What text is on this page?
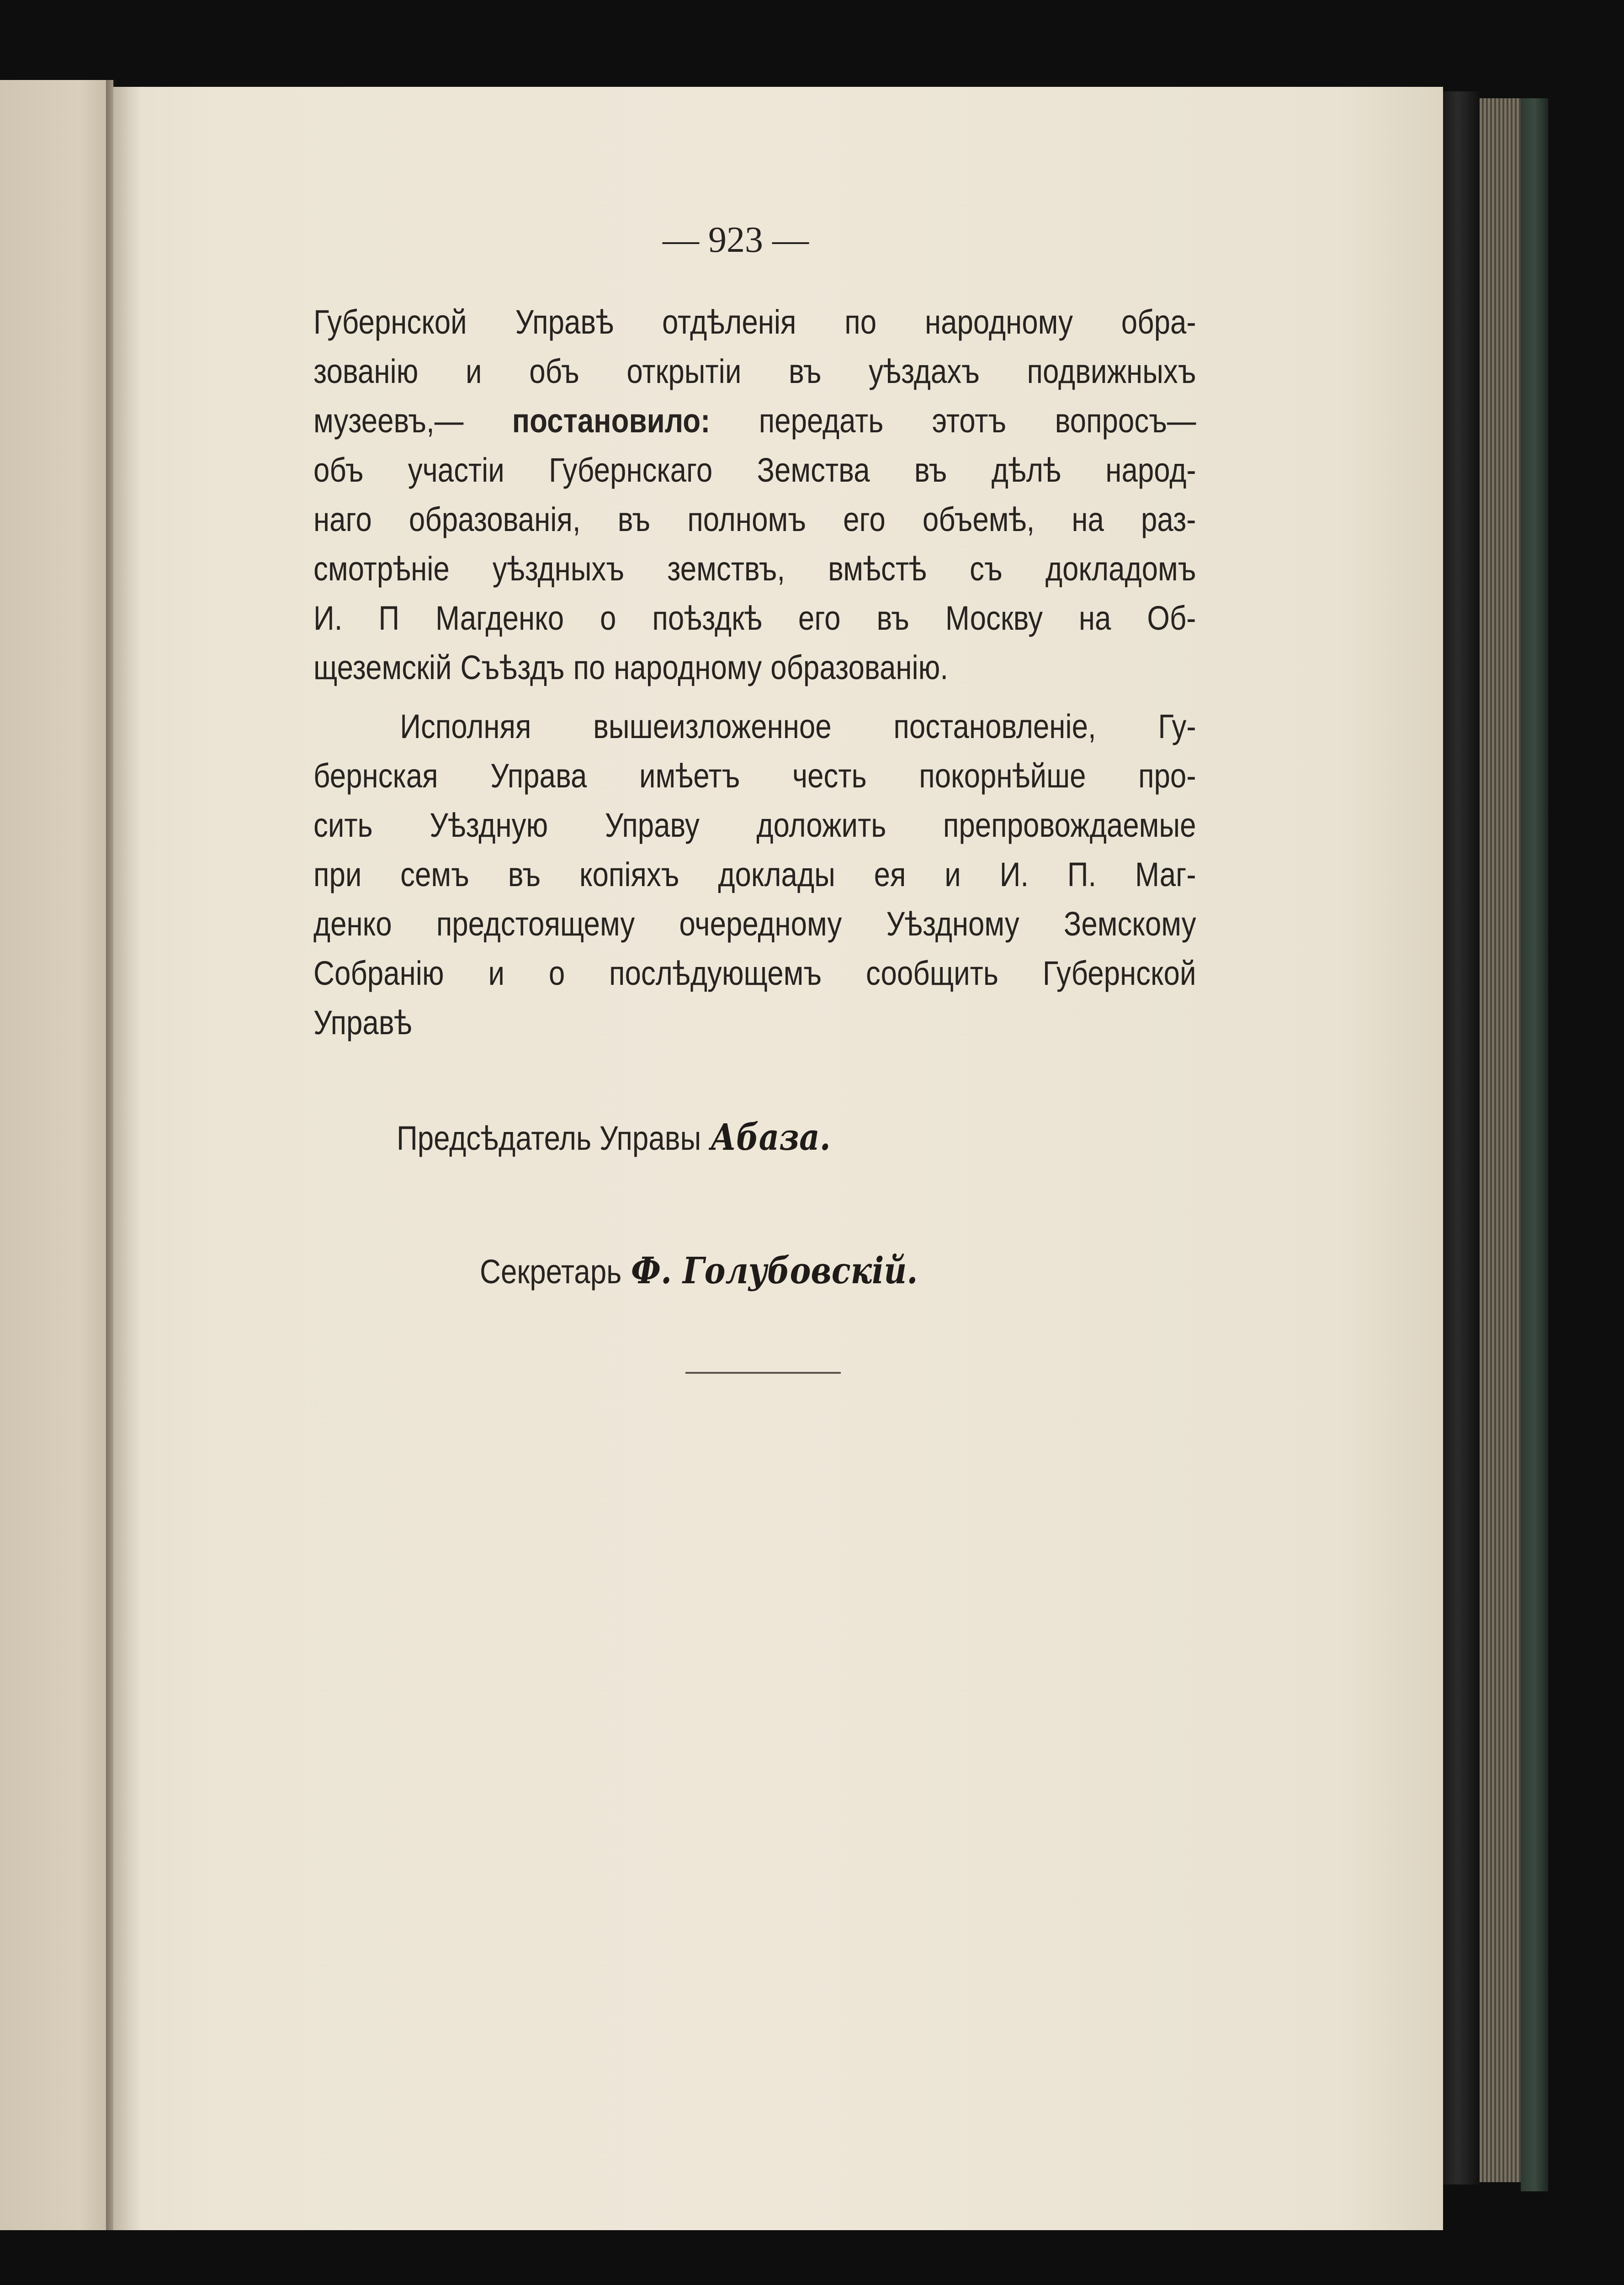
— 923 —
Губернской Управѣ отдѣленія по народному обра-
зованію и объ открытіи въ уѣздахъ подвижныхъ
музеевъ,— постановило: передать этотъ вопросъ—
объ участіи Губернскаго Земства въ дѣлѣ народ-
наго образованія, въ полномъ его объемѣ, на раз-
смотрѣніе уѣздныхъ земствъ, вмѣстѣ съ докладомъ
И. П Магденко о поѣздкѣ его въ Москву на Об-
щеземскій Съѣздъ по народному образованію.
Исполняя вышеизложенное постановленіе, Гу-
бернская Управа имѣетъ честь покорнѣйше про-
сить Уѣздную Управу доложить препровождаемые
при семъ въ копіяхъ доклады ея и И. П. Маг-
денко предстоящему очередному Уѣздному Земскому
Собранію и о послѣдующемъ сообщить Губернской
Управѣ
Предсѣдатель Управы Абаза.
Секретарь Ф. Голубовскій.
